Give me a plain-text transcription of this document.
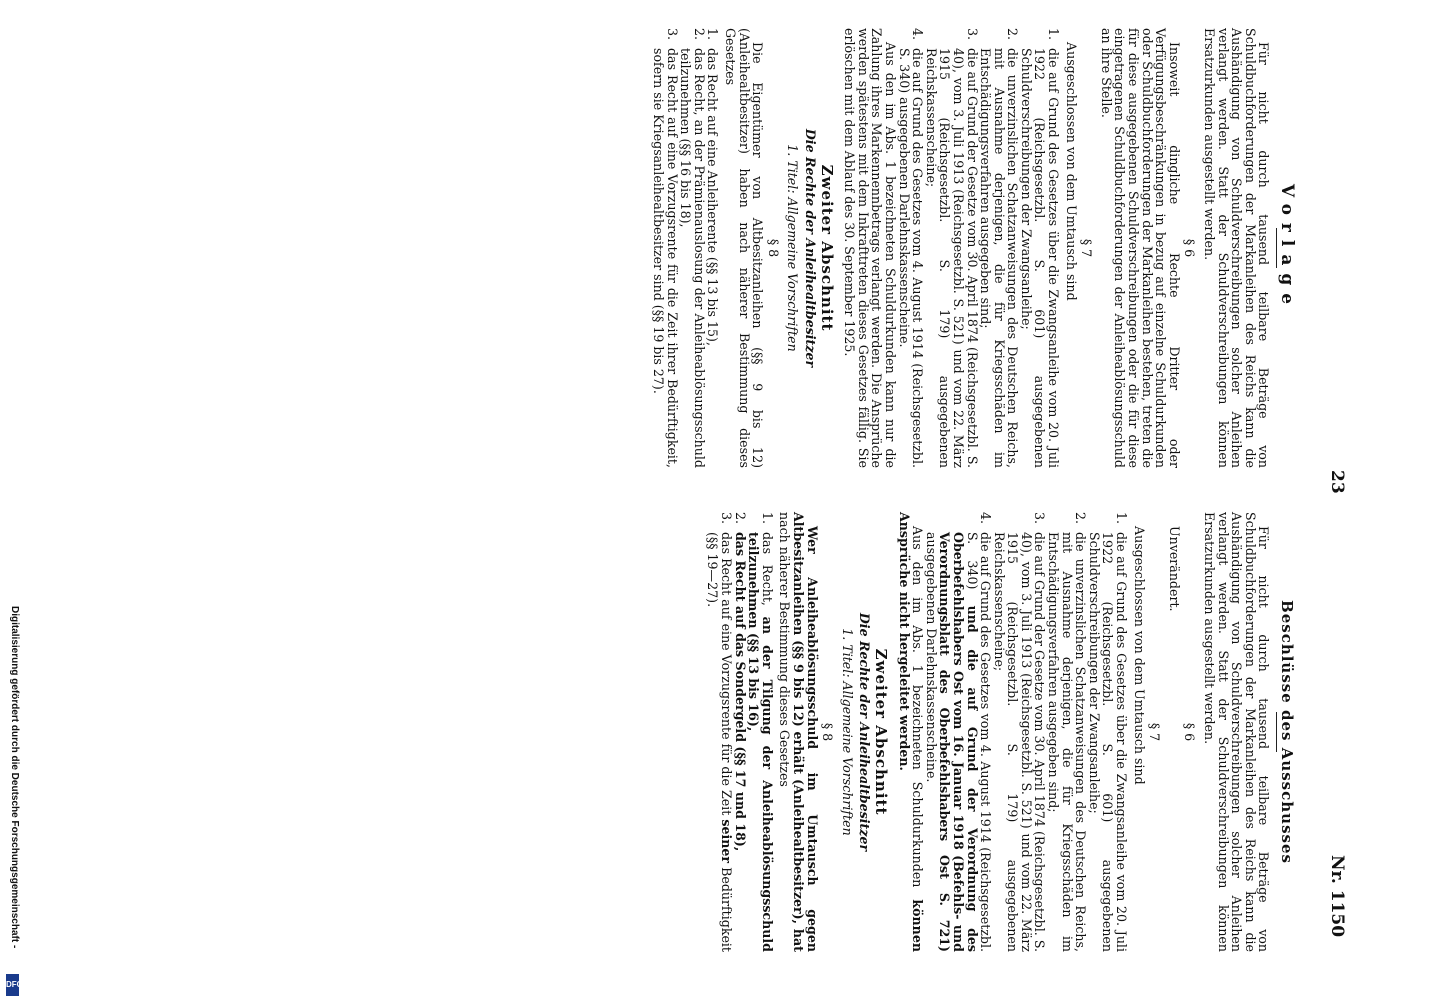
23
Nr. 1150
Vorlage

Für nicht durch tausend teilbare Beträge von Schuldbuchforderungen der Markanleihen des Reichs kann die Aushändigung von Schuldverschreibungen solcher Anleihen verlangt werden. Statt der Schuldverschreibungen können Ersatzurkunden ausgestellt werden.

§ 6

Insoweit dingliche Rechte Dritter oder Verfügungsbeschränkungen in bezug auf einzelne Schuldurkunden oder Schuldbuchforderungen der Markanleihen bestehen, treten die für diese ausgegebenen Schuldverschreibungen oder die für diese eingetragenen Schuldbuchforderungen der Anleiheablösungsschuld an ihre Stelle.

§ 7

Ausgeschlossen von dem Umtausch sind

1.
die auf Grund des Gesetzes über die Zwangsanleihe vom 20. Juli 1922 (Reichsgesetzbl. S. 601) ausgegebenen Schuldverschreibungen der Zwangsanleihe;
2.
die unverzinslichen Schatzanweisungen des Deutschen Reichs, mit Ausnahme derjenigen, die für Kriegsschäden im Entschädigungsverfahren ausgegeben sind;
3.
die auf Grund der Gesetze vom 30. April 1874 (Reichsgesetzbl. S. 40), vom 3. Juli 1913 (Reichsgesetzbl. S. 521) und vom 22. März 1915 (Reichsgesetzbl. S. 179) ausgegebenen Reichskassenscheine;
4.
die auf Grund des Gesetzes vom 4. August 1914 (Reichsgesetzbl. S. 340) ausgegebenen Darlehnskassenscheine.

Aus den im Abs. 1 bezeichneten Schuldurkunden kann nur die Zahlung ihres Markennennbetrags verlangt werden. Die Ansprüche werden spätestens mit dem Inkrafttreten dieses Gesetzes fällig. Sie erlöschen mit dem Ablauf des 30. September 1925.

Zweiter Abschnitt
Die Rechte der Anleihealtbesitzer
1. Titel: Allgemeine Vorschriften
§ 8

Die Eigentümer von Altbesitzanleihen (§§ 9 bis 12) (Anleihealtbesitzer) haben nach näherer Bestimmung dieses Gesetzes

1.
das Recht auf eine Anleiherente (§§ 13 bis 15),
2.
das Recht, an der Prämienauslosung der Anleiheablösungsschuld teilzunehmen (§§ 16 bis 18),
3.
das Recht auf eine Vorzugsrente für die Zeit ihrer Bedürftigkeit, sofern sie Kriegsanleihealtbesitzer sind (§§ 19 bis 27).
Beschlüsse des Ausschusses

Für nicht durch tausend teilbare Beträge von Schuldbuchforderungen der Markanleihen des Reichs kann die Aushändigung von Schuldverschreibungen solcher Anleihen verlangt werden. Statt der Schuldverschreibungen können Ersatzurkunden ausgestellt werden.

§ 6

Unverändert.

§ 7

Ausgeschlossen von dem Umtausch sind

1.
die auf Grund des Gesetzes über die Zwangsanleihe vom 20. Juli 1922 (Reichsgesetzbl. S. 601) ausgegebenen Schuldverschreibungen der Zwangsanleihe;
2.
die unverzinslichen Schatzanweisungen des Deutschen Reichs, mit Ausnahme derjenigen, die für Kriegsschäden im Entschädigungsverfahren ausgegeben sind;
3.
die auf Grund der Gesetze vom 30. April 1874 (Reichsgesetzbl. S. 40), vom 3. Juli 1913 (Reichsgesetzbl. S. 521) und vom 22. März 1915 (Reichsgesetzbl. S. 179) ausgegebenen Reichskassenscheine;
4.
die auf Grund des Gesetzes vom 4. August 1914 (Reichsgesetzbl. S. 340) und die auf Grund der Verordnung des Oberbefehlshabers Ost vom 16. Januar 1918 (Befehls- und Verordnungsblatt des Oberbefehlshabers Ost S. 721) ausgegebenen Darlehnskassenscheine.

Aus den im Abs. 1 bezeichneten Schuldurkunden können Ansprüche nicht hergeleitet werden.

Zweiter Abschnitt
Die Rechte der Anleihealtbesitzer
1. Titel: Allgemeine Vorschriften
§ 8

Wer Anleiheablösungsschuld im Umtausch gegen Altbesitzanleihen (§§ 9 bis 12) erhält (Anleihealtbesitzer), hat nach näherer Bestimmung dieses Gesetzes

1.
das Recht, an der Tilgung der Anleiheablösungsschuld teilzunehmen (§§ 13 bis 16),
2.
das Recht auf das Sondergeld (§§ 17 und 18),
3.
das Recht auf eine Vorzugsrente für die Zeit seiner Bedürftigkeit (§§ 19—27).
Digitalisierung gefördert durch die Deutsche Forschungsgemeinschaft -
DFG
